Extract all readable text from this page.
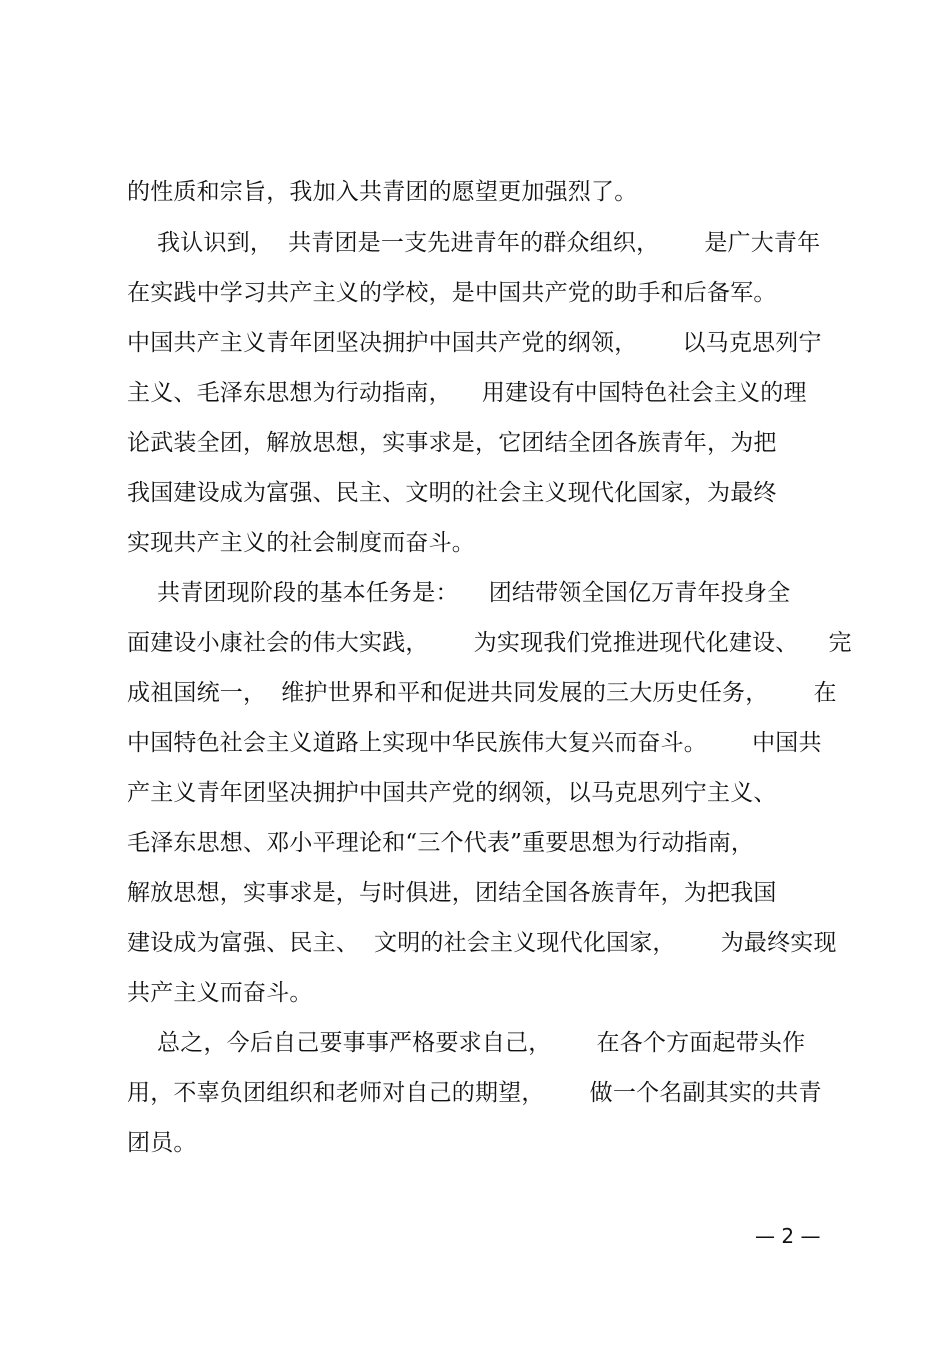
的性质和宗旨，我加入共青团的愿望更加强烈了。
我认识到，  共青团是一支先进青年的群众组织，      是广大青年
在实践中学习共产主义的学校，是中国共产党的助手和后备军。
中国共产主义青年团坚决拥护中国共产党的纲领，      以马克思列宁
主义、毛泽东思想为行动指南，    用建设有中国特色社会主义的理
论武装全团，解放思想，实事求是，它团结全团各族青年，为把
我国建设成为富强、民主、文明的社会主义现代化国家，为最终
实现共产主义的社会制度而奋斗。
共青团现阶段的基本任务是：    团结带领全国亿万青年投身全
面建设小康社会的伟大实践，      为实现我们党推进现代化建设、    完
成祖国统一，  维护世界和平和促进共同发展的三大历史任务，      在
中国特色社会主义道路上实现中华民族伟大复兴而奋斗。      中国共
产主义青年团坚决拥护中国共产党的纲领，以马克思列宁主义、
毛泽东思想、邓小平理论和“三个代表”重要思想为行动指南，
解放思想，实事求是，与时俱进，团结全国各族青年，为把我国
建设成为富强、民主、  文明的社会主义现代化国家，      为最终实现
共产主义而奋斗。
总之，今后自己要事事严格要求自己，      在各个方面起带头作
用，不辜负团组织和老师对自己的期望，      做一个名副其实的共青
团员。
— 2 —
